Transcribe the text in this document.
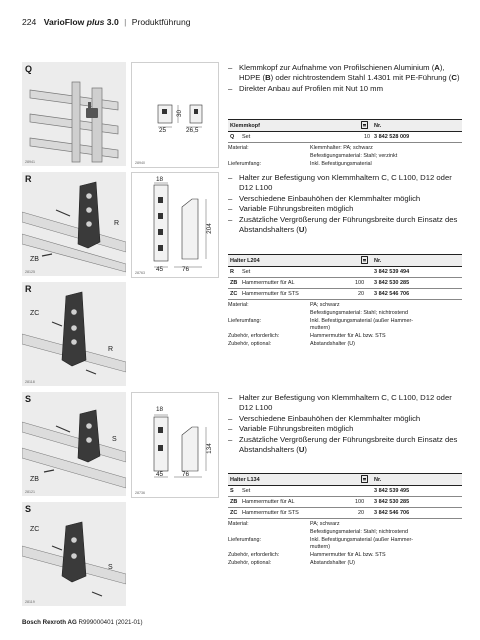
224 VarioFlow plus 3.0 | Produktführung
Q
28941
25	26,5
30
28940
– Klemmkopf zur Aufnahme von Profilschienen Aluminium (A), HDPE (B) oder nichtrostendem Stahl 1.4301 mit PE-Führung (C)
– Direkter Anbau auf Profilen mit Nut 10 mm
Klemmkopf	Nr.
Q Set	10 3 842 528 009
Material:	Klemmhalter: PA; schwarz
Befestigungsmaterial: Stahl; verzinkt
Lieferumfang:	Inkl. Befestigungsmaterial
R
R
ZB
28125
18
45	76
204
28763
R
ZC
R
28118
– Halter zur Befestigung von Klemmhaltern C, C L100, D12 oder D12 L100
– Verschiedene Einbauhöhen der Klemmhalter möglich
– Variable Führungsbreiten möglich
– Zusätzliche Vergrößerung der Führungsbreite durch Einsatz des Abstandshalters (U)
Halter L204	Nr.
R Set	3 842 539 494
ZB Hammermutter für AL	100 3 842 530 285
ZC Hammermutter für STS	20 3 842 546 706
Material:	PA; schwarz
Befestigungsmaterial: Stahl; nichtrostend
Lieferumfang:	Inkl. Befestigungsmaterial (außer Hammer-
muttern)
Zubehör, erforderlich:	Hammermutter für AL bzw. STS
Zubehör, optional:	Abstandshalter (U)
S
S
ZB
28121
18
45	76
134
28736
S
ZC
S
28119
– Halter zur Befestigung von Klemmhaltern C, C L100, D12 oder D12 L100
– Verschiedene Einbauhöhen der Klemmhalter möglich
– Variable Führungsbreiten möglich
– Zusätzliche Vergrößerung der Führungsbreite durch Einsatz des Abstandshalters (U)
Halter L134	Nr.
S Set	3 842 539 495
ZB Hammermutter für AL	100 3 842 530 285
ZC Hammermutter für STS	20 3 842 546 706
Material:	PA; schwarz
Befestigungsmaterial: Stahl; nichtrostend
Lieferumfang:	Inkl. Befestigungsmaterial (außer Hammer-
muttern)
Zubehör, erforderlich:	Hammermutter für AL bzw. STS
Zubehör, optional:	Abstandshalter (U)
Bosch Rexroth AG R999000401 (2021-01)
